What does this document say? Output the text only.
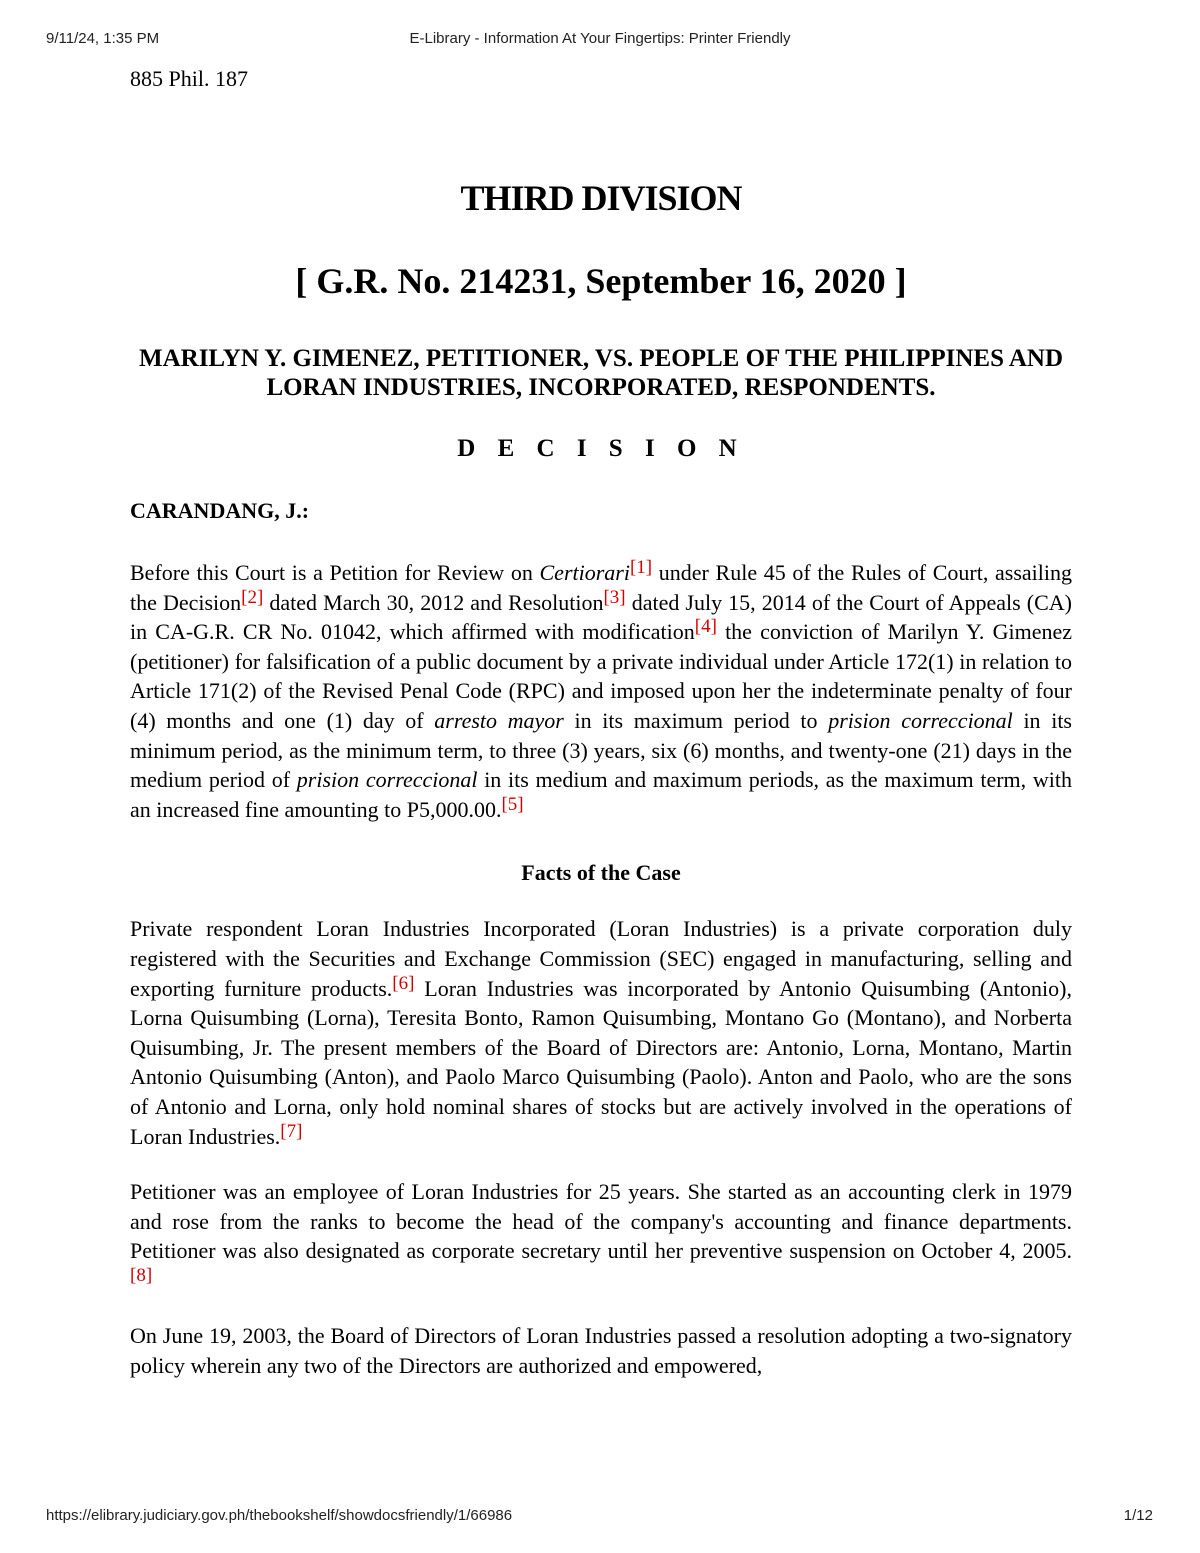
9/11/24, 1:35 PM	E-Library - Information At Your Fingertips: Printer Friendly

885 Phil. 187

THIRD DIVISION
[ G.R. No. 214231, September 16, 2020 ]
MARILYN Y. GIMENEZ, PETITIONER, VS. PEOPLE OF THE PHILIPPINES AND LORAN INDUSTRIES, INCORPORATED, RESPONDENTS.
D E C I S I O N

CARANDANG, J.:

Before this Court is a Petition for Review on Certiorari[1] under Rule 45 of the Rules of Court, assailing the Decision[2] dated March 30, 2012 and Resolution[3] dated July 15, 2014 of the Court of Appeals (CA) in CA-G.R. CR No. 01042, which affirmed with modification[4] the conviction of Marilyn Y. Gimenez (petitioner) for falsification of a public document by a private individual under Article 172(1) in relation to Article 171(2) of the Revised Penal Code (RPC) and imposed upon her the indeterminate penalty of four (4) months and one (1) day of arresto mayor in its maximum period to prision correccional in its minimum period, as the minimum term, to three (3) years, six (6) months, and twenty-one (21) days in the medium period of prision correccional in its medium and maximum periods, as the maximum term, with an increased fine amounting to P5,000.00.[5]

Facts of the Case

Private respondent Loran Industries Incorporated (Loran Industries) is a private corporation duly registered with the Securities and Exchange Commission (SEC) engaged in manufacturing, selling and exporting furniture products.[6] Loran Industries was incorporated by Antonio Quisumbing (Antonio), Lorna Quisumbing (Lorna), Teresita Bonto, Ramon Quisumbing, Montano Go (Montano), and Norberta Quisumbing, Jr. The present members of the Board of Directors are: Antonio, Lorna, Montano, Martin Antonio Quisumbing (Anton), and Paolo Marco Quisumbing (Paolo). Anton and Paolo, who are the sons of Antonio and Lorna, only hold nominal shares of stocks but are actively involved in the operations of Loran Industries.[7]

Petitioner was an employee of Loran Industries for 25 years. She started as an accounting clerk in 1979 and rose from the ranks to become the head of the company's accounting and finance departments. Petitioner was also designated as corporate secretary until her preventive suspension on October 4, 2005.[8]

On June 19, 2003, the Board of Directors of Loran Industries passed a resolution adopting a two-signatory policy wherein any two of the Directors are authorized and empowered,

https://elibrary.judiciary.gov.ph/thebookshelf/showdocsfriendly/1/66986	1/12
